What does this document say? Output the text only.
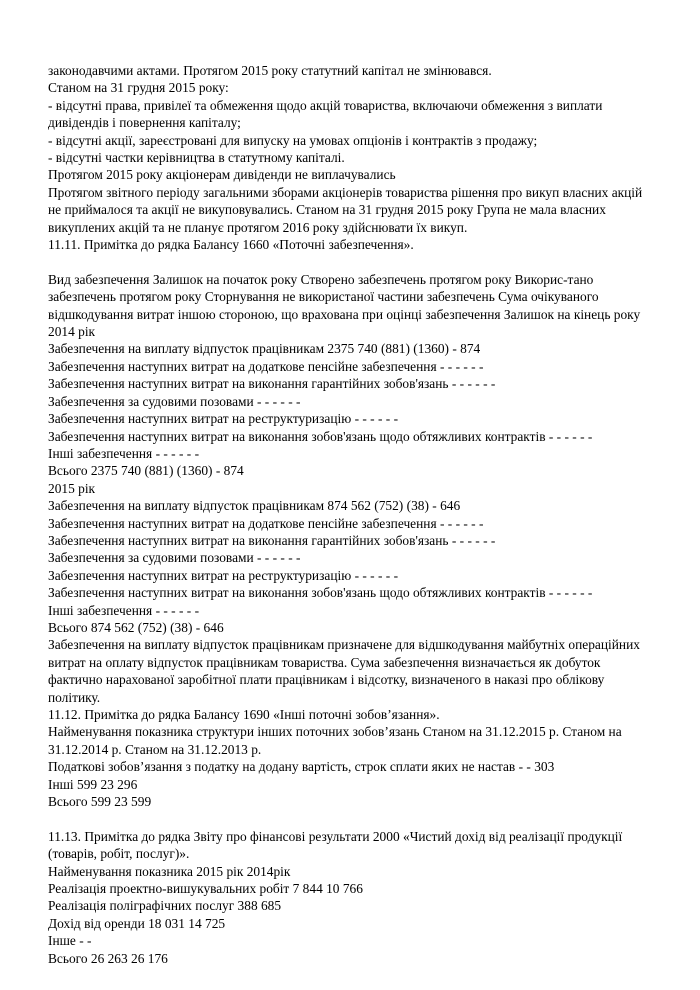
законодавчими актами. Протягом 2015 року статутний капітал не змінювався.

Станом на 31 грудня 2015 року:

- відсутні права, привілеї та обмеження щодо акцій товариства, включаючи обмеження з виплати дивідендів і повернення капіталу;

- відсутні акції, зареєстровані для випуску на умовах опціонів і контрактів з продажу;

- відсутні частки керівництва в статутному капіталі.

Протягом 2015 року акціонерам дивіденди не виплачувались

Протягом звітного періоду загальними зборами акціонерів товариства рішення про викуп власних акцій не приймалося та акції не викуповувались. Станом на 31 грудня 2015 року Група не мала власних викуплених акцій та не планує протягом 2016 року здійснювати їх викуп.

11.11. Примітка до рядка Балансу 1660 «Поточні забезпечення».

Вид забезпечення Залишок на початок року Створено забезпечень протягом року Викорис-тано забезпечень протягом року Сторнування не використаної частини забезпечень Сума очікуваного відшкодування витрат іншою стороною, що врахована при оцінці забезпечення Залишок на кінець року

2014 рік

Забезпечення на виплату відпусток працівникам 2375 740 (881) (1360) - 874

Забезпечення наступних витрат на додаткове пенсійне забезпечення - - - - - -

Забезпечення наступних витрат на виконання гарантійних зобов'язань - - - - - -

Забезпечення за судовими позовами - - - - - -

Забезпечення наступних витрат на реструктуризацію - - - - - -

Забезпечення наступних витрат на виконання зобов'язань щодо обтяжливих контрактів - - - - - -

Інші забезпечення - - - - - -

Всього 2375 740 (881) (1360) - 874

2015 рік

Забезпечення на виплату відпусток працівникам 874 562 (752) (38) - 646

Забезпечення наступних витрат на додаткове пенсійне забезпечення - - - - - -

Забезпечення наступних витрат на виконання гарантійних зобов'язань - - - - - -

Забезпечення за судовими позовами - - - - - -

Забезпечення наступних витрат на реструктуризацію - - - - - -

Забезпечення наступних витрат на виконання зобов'язань щодо обтяжливих контрактів - - - - - -

Інші забезпечення - - - - - -

Всього 874 562 (752) (38) - 646

Забезпечення на виплату відпусток працівникам призначене для відшкодування майбутніх операційних витрат на оплату відпусток працівникам товариства. Сума забезпечення визначається як добуток фактично нарахованої заробітної плати працівникам і відсотку, визначеного в наказі про облікову політику.

11.12. Примітка до рядка Балансу 1690 «Інші поточні зобов’язання».

Найменування показника структури інших поточних зобов’язань Станом на 31.12.2015 р. Станом на 31.12.2014 р. Станом на 31.12.2013 р.

Податкові зобов’язання з податку на додану вартість, строк сплати яких не настав - - 303

Інші 599 23 296

Всього 599 23 599

11.13. Примітка до рядка Звіту про фінансові результати 2000 «Чистий дохід від реалізації продукції (товарів, робіт, послуг)».

Найменування показника 2015 рік 2014рік

Реалізація проектно-вишукувальних робіт 7 844 10 766

Реалізація поліграфічних послуг 388 685

Дохід від оренди 18 031 14 725

Інше - -

Всього 26 263 26 176
